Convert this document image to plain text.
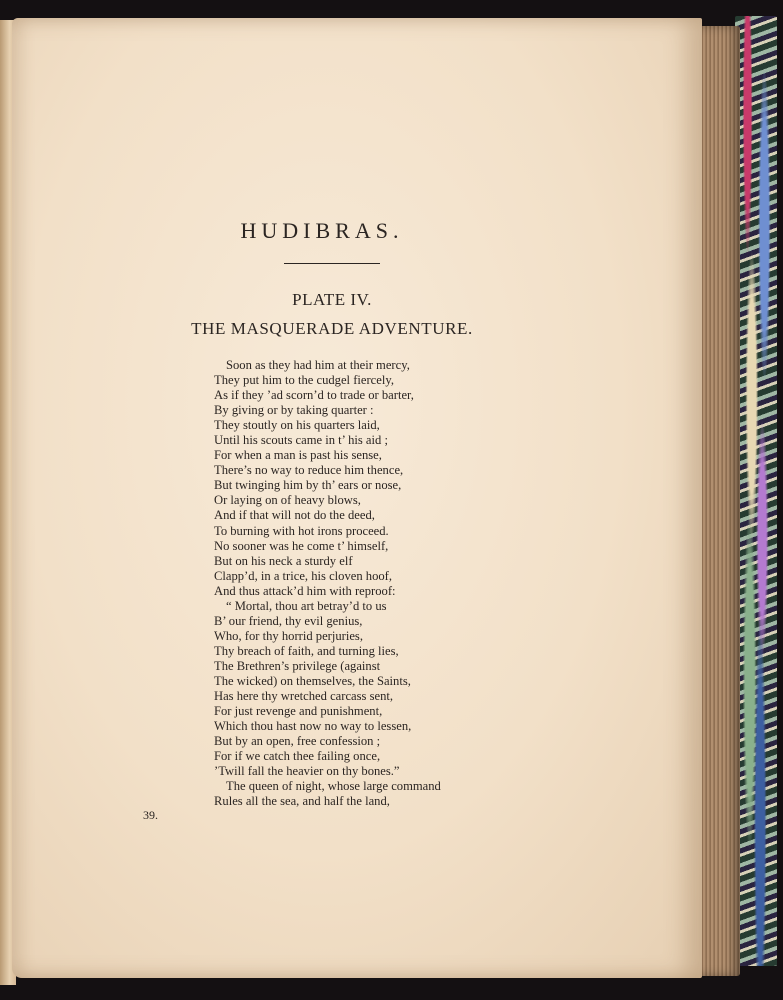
HUDIBRAS.
PLATE IV.
THE MASQUERADE ADVENTURE.
Soon as they had him at their mercy,
They put him to the cudgel fiercely,
As if they ’ad scorn’d to trade or barter,
By giving or by taking quarter :
They stoutly on his quarters laid,
Until his scouts came in t’ his aid ;
For when a man is past his sense,
There’s no way to reduce him thence,
But twinging him by th’ ears or nose,
Or laying on of heavy blows,
And if that will not do the deed,
To burning with hot irons proceed.
No sooner was he come t’ himself,
But on his neck a sturdy elf
Clapp’d, in a trice, his cloven hoof,
And thus attack’d him with reproof:
“ Mortal, thou art betray’d to us
B’ our friend, thy evil genius,
Who, for thy horrid perjuries,
Thy breach of faith, and turning lies,
The Brethren’s privilege (against
The wicked) on themselves, the Saints,
Has here thy wretched carcass sent,
For just revenge and punishment,
Which thou hast now no way to lessen,
But by an open, free confession ;
For if we catch thee failing once,
’Twill fall the heavier on thy bones.”
The queen of night, whose large command
Rules all the sea, and half the land,
39.
